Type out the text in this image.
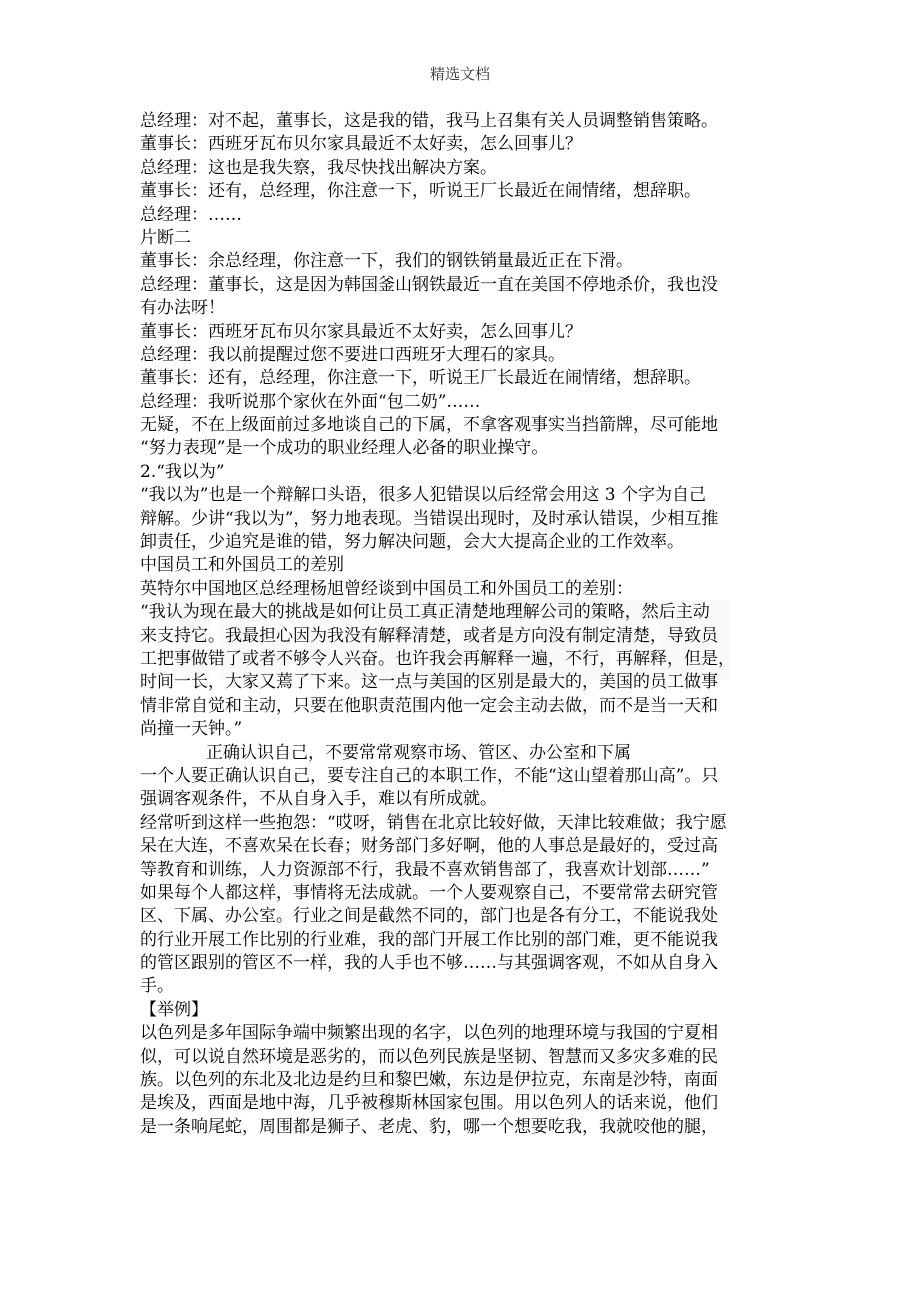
精选文档
总经理：对不起，董事长，这是我的错，我马上召集有关人员调整销售策略。
董事长：西班牙瓦布贝尔家具最近不太好卖，怎么回事儿？
总经理：这也是我失察，我尽快找出解决方案。
董事长：还有，总经理，你注意一下，听说王厂长最近在闹情绪，想辞职。
总经理：……
片断二
董事长：余总经理，你注意一下，我们的钢铁销量最近正在下滑。
总经理：董事长，这是因为韩国釜山钢铁最近一直在美国不停地杀价，我也没
有办法呀！
董事长：西班牙瓦布贝尔家具最近不太好卖，怎么回事儿？
总经理：我以前提醒过您不要进口西班牙大理石的家具。
董事长：还有，总经理，你注意一下，听说王厂长最近在闹情绪，想辞职。
总经理：我听说那个家伙在外面“包二奶”……
无疑，不在上级面前过多地谈自己的下属，不拿客观事实当挡箭牌，尽可能地
“努力表现”是一个成功的职业经理人必备的职业操守。
2.“我以为”
“我以为”也是一个辩解口头语，很多人犯错误以后经常会用这 3 个字为自己
辩解。少讲“我以为”，努力地表现。当错误出现时，及时承认错误，少相互推
卸责任，少追究是谁的错，努力解决问题，会大大提高企业的工作效率。
中国员工和外国员工的差别
英特尔中国地区总经理杨旭曾经谈到中国员工和外国员工的差别：
“我认为现在最大的挑战是如何让员工真正清楚地理解公司的策略，然后主动
来支持它。我最担心因为我没有解释清楚，或者是方向没有制定清楚，导致员
工把事做错了或者不够令人兴奋。也许我会再解释一遍，不行，再解释，但是，
时间一长，大家又蔫了下来。这一点与美国的区别是最大的，美国的员工做事
情非常自觉和主动，只要在他职责范围内他一定会主动去做，而不是当一天和
尚撞一天钟。”
正确认识自己，不要常常观察市场、管区、办公室和下属
一个人要正确认识自己，要专注自己的本职工作，不能“这山望着那山高”。只
强调客观条件，不从自身入手，难以有所成就。
经常听到这样一些抱怨：“哎呀，销售在北京比较好做，天津比较难做；我宁愿
呆在大连，不喜欢呆在长春；财务部门多好啊，他的人事总是最好的，受过高
等教育和训练，人力资源部不行，我最不喜欢销售部了，我喜欢计划部……”
如果每个人都这样，事情将无法成就。一个人要观察自己，不要常常去研究管
区、下属、办公室。行业之间是截然不同的，部门也是各有分工，不能说我处
的行业开展工作比别的行业难，我的部门开展工作比别的部门难，更不能说我
的管区跟别的管区不一样，我的人手也不够……与其强调客观，不如从自身入
手。
【举例】
以色列是多年国际争端中频繁出现的名字，以色列的地理环境与我国的宁夏相
似，可以说自然环境是恶劣的，而以色列民族是坚韧、智慧而又多灾多难的民
族。以色列的东北及北边是约旦和黎巴嫩，东边是伊拉克，东南是沙特，南面
是埃及，西面是地中海，几乎被穆斯林国家包围。用以色列人的话来说，他们
是一条响尾蛇，周围都是狮子、老虎、豹，哪一个想要吃我，我就咬他的腿，
